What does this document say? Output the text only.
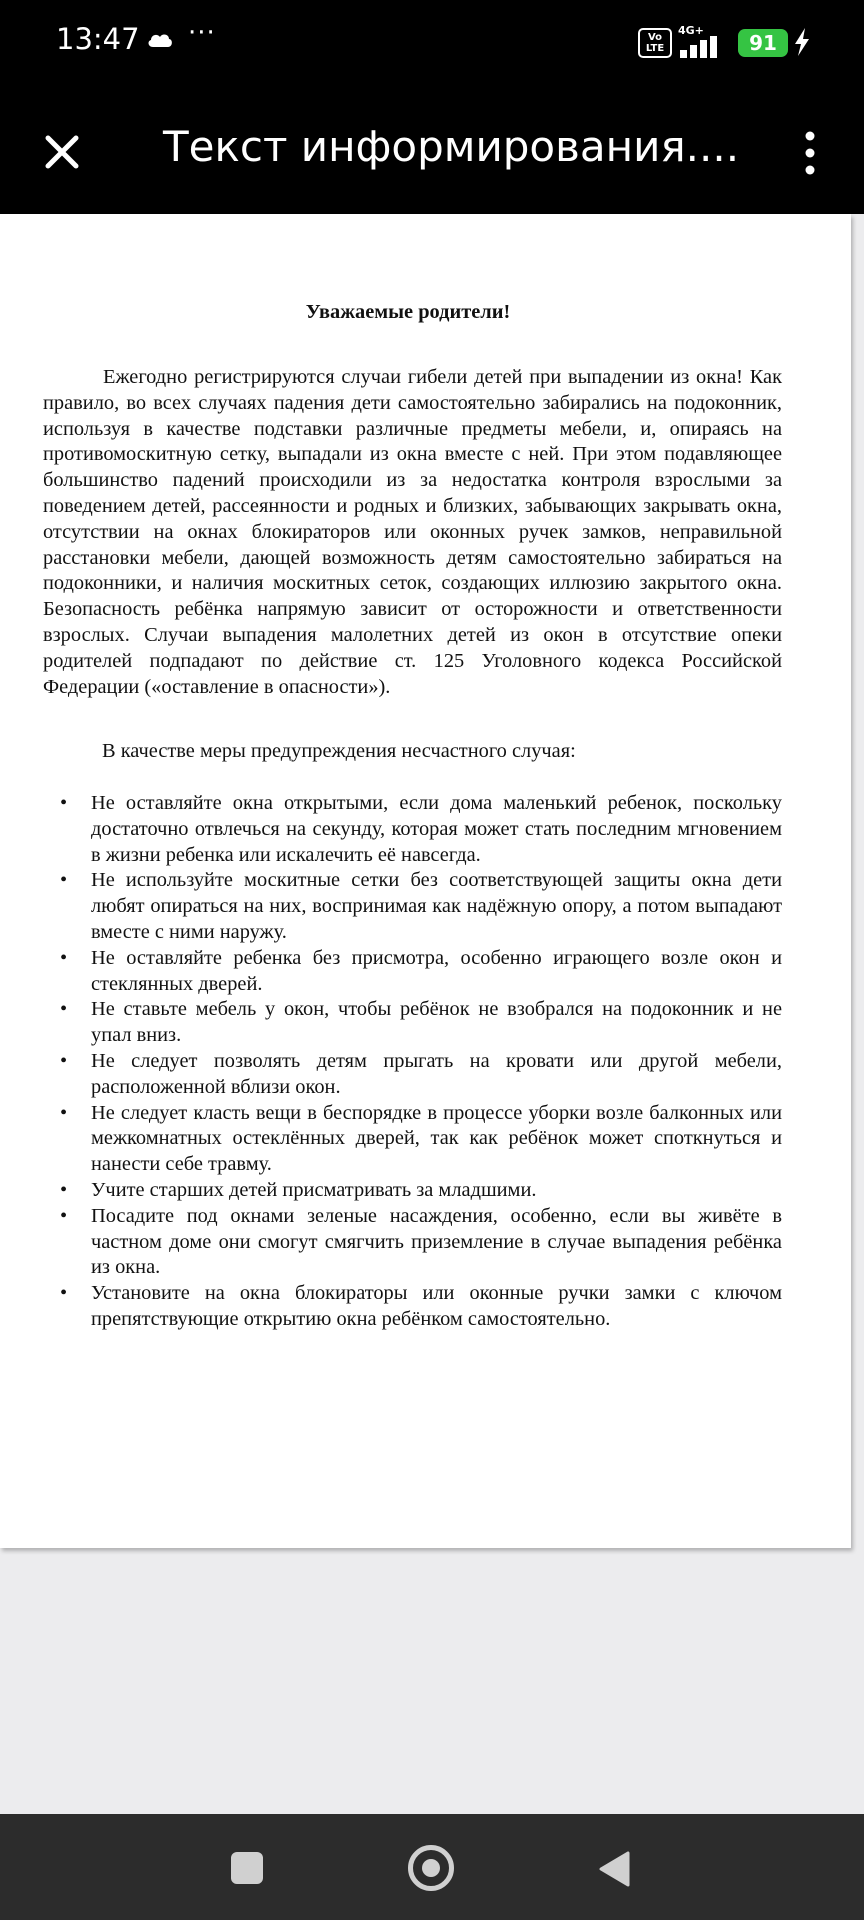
13:47 ···	Vo
LTE
4G+
91
Текст информирования....
Уважаемые родители!

Ежегодно регистрируются случаи гибели детей при выпадении из окна! Как правило, во всех случаях падения дети самостоятельно забирались на подоконник, используя в качестве подставки различные предметы мебели, и, опираясь на противомоскитную сетку, выпадали из окна вместе с ней. При этом подавляющее большинство падений происходили из за недостатка контроля взрослыми за поведением детей, рассеянности и родных и близких, забывающих закрывать окна, отсутствии на окнах блокираторов или оконных ручек замков, неправильной расстановки мебели, дающей возможность детям самостоятельно забираться на подоконники, и наличия москитных сеток, создающих иллюзию закрытого окна. Безопасность ребёнка напрямую зависит от осторожности и ответственности взрослых. Случаи выпадения малолетних детей из окон в отсутствие опеки родителей подпадают по действие ст. 125 Уголовного кодекса Российской Федерации («оставление в опасности»).

В качестве меры предупреждения несчастного случая:
• Не оставляйте окна открытыми, если дома маленький ребенок, поскольку достаточно отвлечься на секунду, которая может стать последним мгновением в жизни ребенка или искалечить её навсегда.
• Не используйте москитные сетки без соответствующей защиты окна дети любят опираться на них, воспринимая как надёжную опору, а потом выпадают вместе с ними наружу.
• Не оставляйте ребенка без присмотра, особенно играющего возле окон и стеклянных дверей.
• Не ставьте мебель у окон, чтобы ребёнок не взобрался на подоконник и не упал вниз.
• Не следует позволять детям прыгать на кровати или другой мебели, расположенной вблизи окон.
• Не следует класть вещи в беспорядке в процессе уборки возле балконных или межкомнатных остеклённых дверей, так как ребёнок может споткнуться и нанести себе травму.
• Учите старших детей присматривать за младшими.
• Посадите под окнами зеленые насаждения, особенно, если вы живёте в частном доме они смогут смягчить приземление в случае выпадения ребёнка из окна.
• Установите на окна блокираторы или оконные ручки замки с ключом препятствующие открытию окна ребёнком самостоятельно.
